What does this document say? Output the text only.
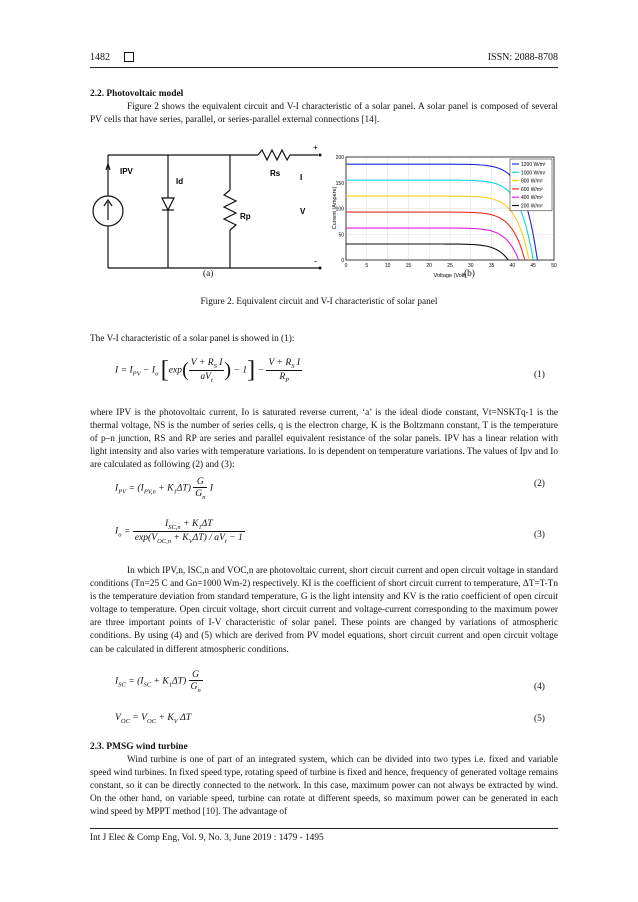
1482	ISSN: 2088-8708

2.2. Photovoltaic model

Figure 2 shows the equivalent circuit and V-I characteristic of a solar panel. A solar panel is composed of several PV cells that have series, parallel, or series-parallel external connections [14].

IPV
Id
Rp
Rs I
V
+
-	0	5	10	15	20	25	30	35	40	45	50
0
50
100
150
200
Voltage (Volt)
Current (Ampere)
1200 W/m²
1000 W/m²
800 W/m²
600 W/m²
400 W/m²
200 W/m²
(a)	(b)
Figure 2. Equivalent circuit and V-I characteristic of solar panel
The V-I characteristic of a solar panel is showed in (1):
$I = I_{PV} - I_o$ [$\exp( \frac{V + R_S I}{aV_t}$ ) − $1] - \frac{V + R_S I}{R_P}$	(1)
where IPV is the photovoltaic current, Io is saturated reverse current, ‘a’ is the ideal diode constant, Vt=NSKTq-1 is the thermal voltage, NS is the number of series cells, q is the electron charge, K is the Boltzmann constant, T is the temperature of p–n junction, RS and RP are series and parallel equivalent resistance of the solar panels. IPV has a linear relation with light intensity and also varies with temperature variations. Io is dependent on temperature variations. The values of Ipv and Io are calculated as following (2) and (3):
$I_{PV} = (I_{PV,n} + K_1\Delta T) \frac{G}{G_n}$ I	(2)
$I_o = \frac{I_{SC,n} + K_1\Delta T}{\exp(V_{OC,n} + K_V\Delta T) / aV_t - 1}$	(3)
In which IPV,n, ISC,n and VOC,n are photovoltaic current, short circuit current and open circuit voltage in standard conditions (Tn=25 C and Gn=1000 Wm-2) respectively. KI is the coefficient of short circuit current to temperature, ΔT=T-Tn is the temperature deviation from standard temperature, G is the light intensity and KV is the ratio coefficient of open circuit voltage to temperature. Open circuit voltage, short circuit current and voltage-current corresponding to the maximum power are three important points of I-V characteristic of solar panel. These points are changed by variations of atmospheric conditions. By using (4) and (5) which are derived from PV model equations, short circuit current and open circuit voltage can be calculated in different atmospheric conditions.
$I_{SC} = (I_{SC} + K_1\Delta T) \frac{G}{G_n}$	(4)
$V_{OC} = V_{OC} + K_V$ ΔT	(5)

2.3. PMSG wind turbine

Wind turbine is one of part of an integrated system, which can be divided into two types i.e. fixed and variable speed wind turbines. In fixed speed type, rotating speed of turbine is fixed and hence, frequency of generated voltage remains constant, so it can be directly connected to the network. In this case, maximum power can not always be extracted by wind. On the other hand, on variable speed, turbine can rotate at different speeds, so maximum power can be generated in each wind speed by MPPT method [10]. The advantage of

Int J Elec & Comp Eng, Vol. 9, No. 3, June 2019 : 1479 - 1495
